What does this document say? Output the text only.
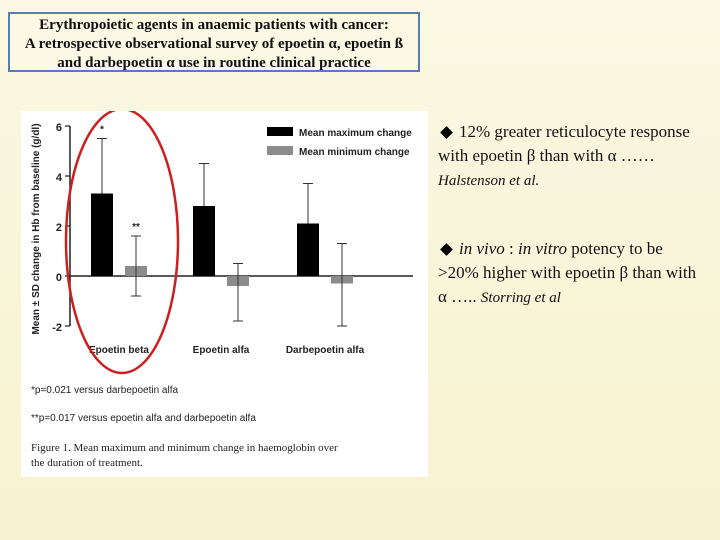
Erythropoietic agents in anaemic patients with cancer:
A retrospective observational survey of epoetin α, epoetin ß
and darbepoetin α use in routine clinical practice
6
4
2
0
-2
Mean ± SD change in Hb from baseline (g/dl)	*
**
Epoetin beta	Epoetin alfa	Darbepoetin alfa
Mean maximum change
Mean minimum change
*p=0.021 versus darbepoetin alfa
**p=0.017 versus epoetin alfa and darbepoetin alfa
Figure 1. Mean maximum and minimum change in haemoglobin over
the duration of treatment.

12% greater reticulocyte response with epoetin β than with α …… Halstenson et al.

in vivo : in vitro potency to be >20% higher with epoetin β than with α ….. Storring et al
